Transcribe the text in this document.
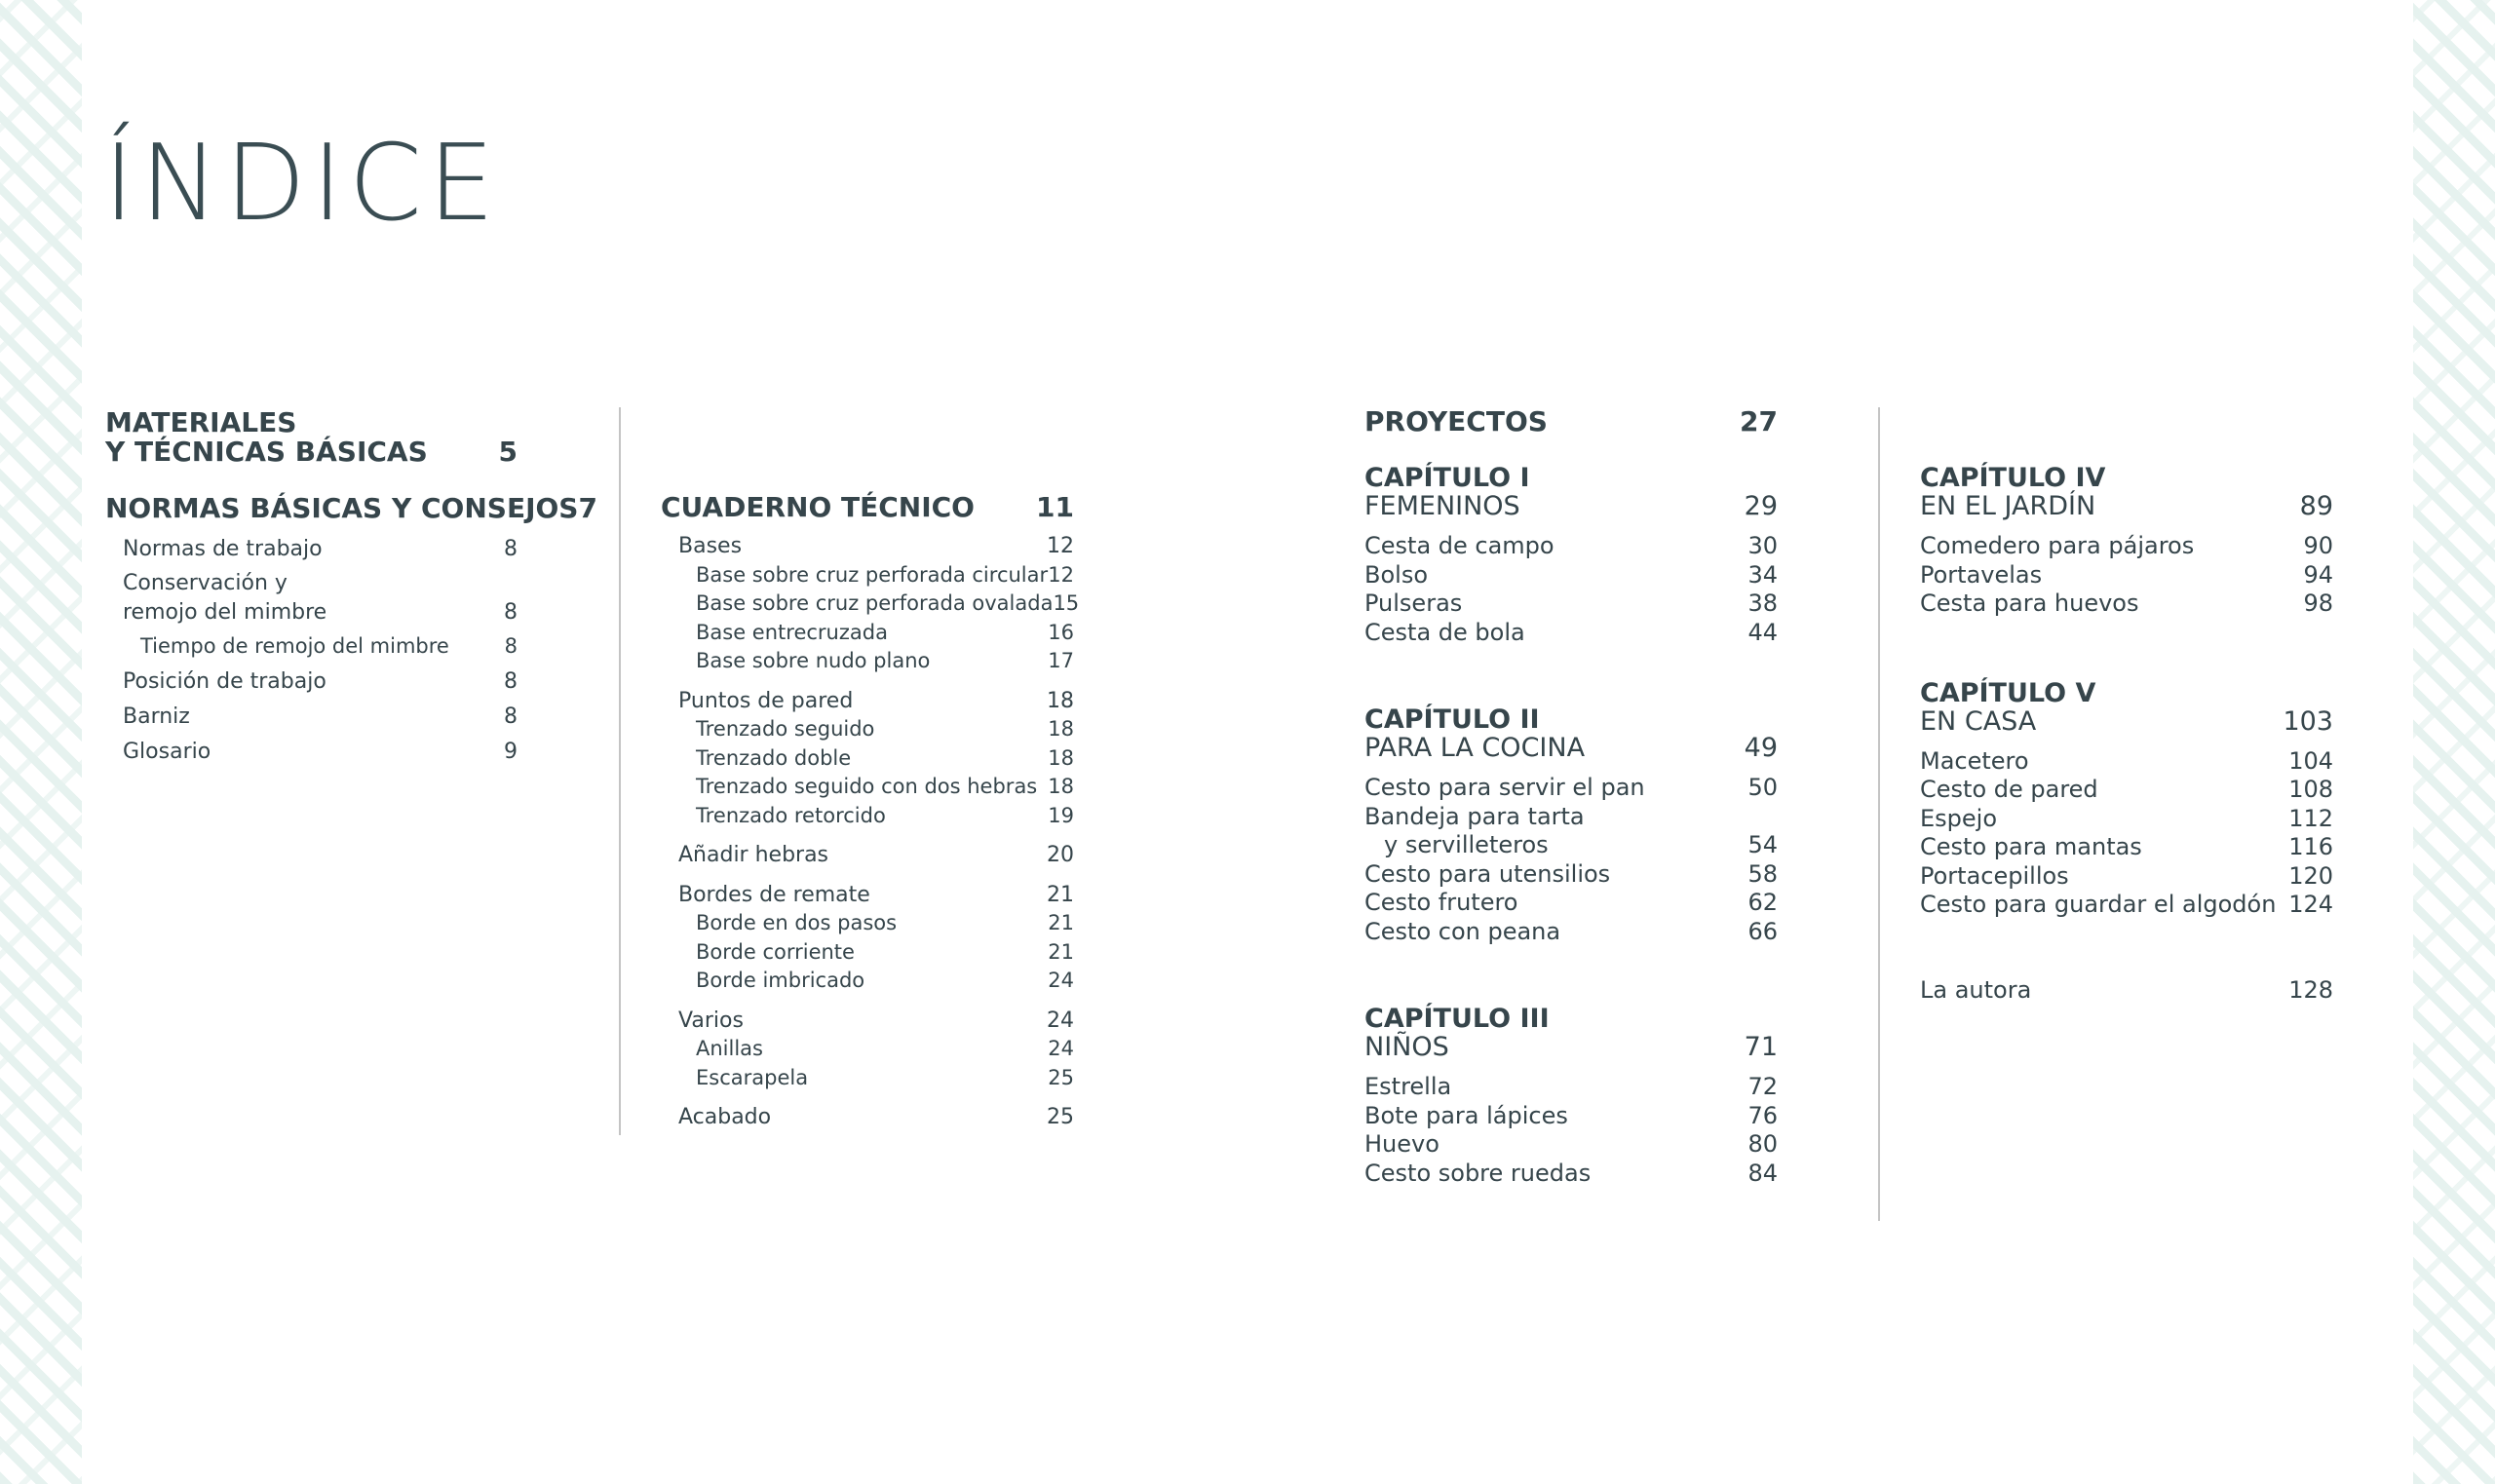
ÍNDICE
MATERIALES
Y TÉCNICAS BÁSICAS	5
NORMAS BÁSICAS Y CONSEJOS 7
Normas de trabajo	8
Conservación y
remojo del mimbre	8
Tiempo de remojo del mimbre	8
Posición de trabajo	8
Barniz	8
Glosario	9
CUADERNO TÉCNICO 11
Bases	12
Base sobre cruz perforada circular 12
Base sobre cruz perforada ovalada 15
Base entrecruzada	16
Base sobre nudo plano	17
Puntos de pared	18
Trenzado seguido	18
Trenzado doble	18
Trenzado seguido con dos hebras 18
Trenzado retorcido	19
Añadir hebras	20
Bordes de remate	21
Borde en dos pasos	21
Borde corriente	21
Borde imbricado	24
Varios	24
Anillas	24
Escarapela	25
Acabado	25
PROYECTOS	27
CAPÍTULO I
FEMENINOS	29
Cesta de campo	30
Bolso	34
Pulseras	38
Cesta de bola	44
CAPÍTULO II
PARA LA COCINA	49
Cesto para servir el pan	50
Bandeja para tarta
y servilleteros	54
Cesto para utensilios	58
Cesto frutero	62
Cesto con peana	66
CAPÍTULO III
NIÑOS	71
Estrella	72
Bote para lápices	76
Huevo	80
Cesto sobre ruedas	84
CAPÍTULO IV
EN EL JARDÍN	89
Comedero para pájaros	90
Portavelas	94
Cesta para huevos	98
CAPÍTULO V
EN CASA	103
Macetero	104
Cesto de pared	108
Espejo	112
Cesto para mantas	116
Portacepillos	120
Cesto para guardar el algodón 124
La autora	128
